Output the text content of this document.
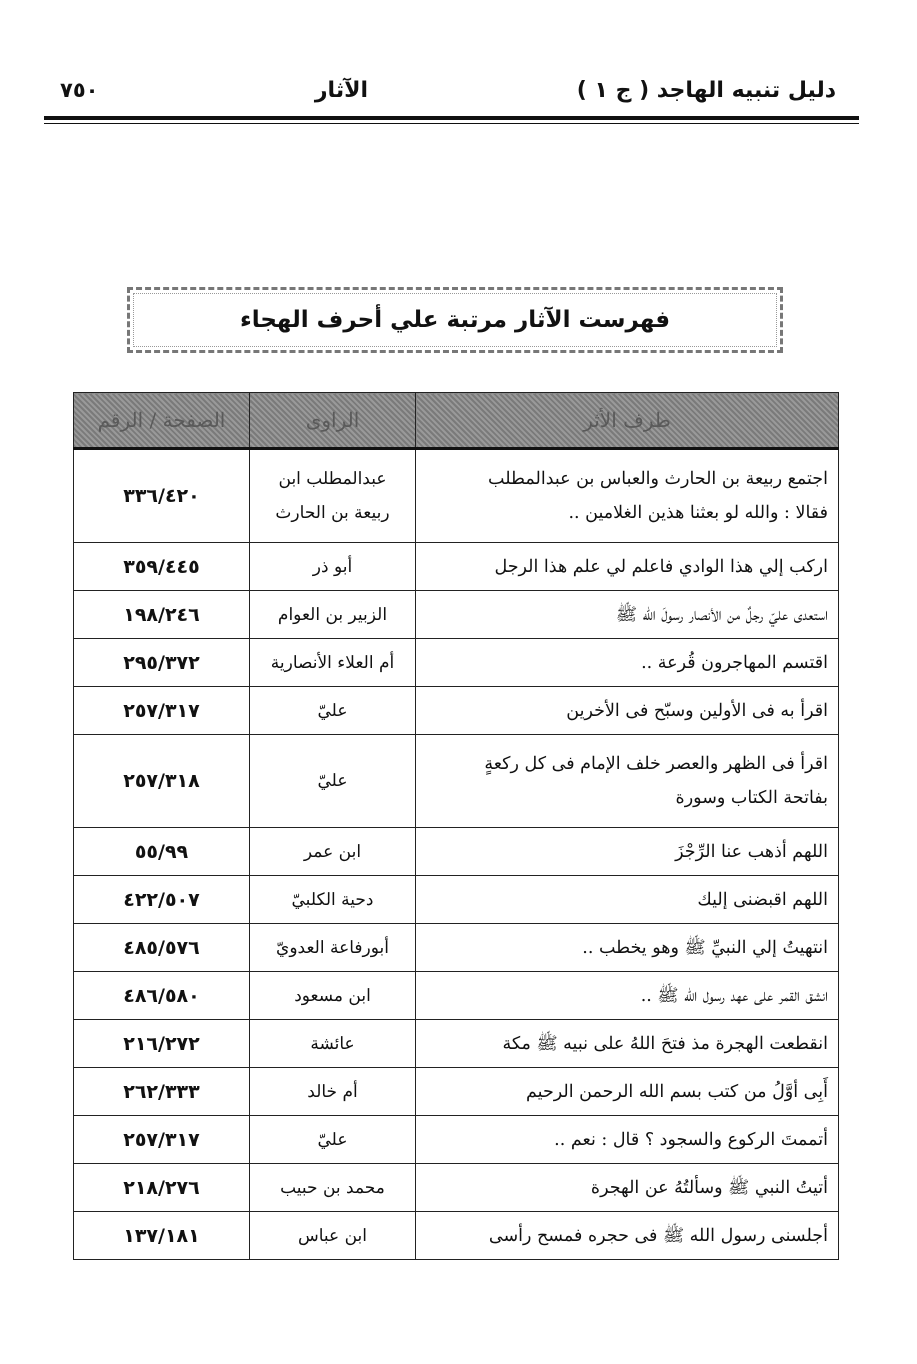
دليل تنبيه الهاجد ( ج ١ )
الآثار
٧٥٠
فهرست الآثار مرتبة علي أحرف الهجاء
طرف الأثر	الراوى	الصفحة / الرقم

اجتمع ربيعة بن الحارث والعباس بن عبدالمطلب
فقالا : والله لو بعثنا هذين الغلامين ..	عبدالمطلب ابن
ربيعة بن الحارث	٣٣٦/٤٢٠

اركب إلي هذا الوادي فاعلم لي علم هذا الرجل	أبو ذر	٣٥٩/٤٤٥

استعدى عليّ رجلٌ من الأنصار رسولَ الله ﷺ	الزبير بن العوام	١٩٨/٢٤٦

اقتسم المهاجرون قُرعة ..	أم العلاء الأنصارية	٢٩٥/٣٧٢

اقرأ به فى الأولين وسبّح فى الأخرين	عليّ	٢٥٧/٣١٧

اقرأ فى الظهر والعصر خلف الإمام فى كل ركعةٍ
بفاتحة الكتاب وسورة	عليّ	٢٥٧/٣١٨

اللهم أذهب عنا الرِّجْزَ	ابن عمر	٥٥/٩٩

اللهم اقبضنى إليك	دحية الكلبيّ	٤٢٢/٥٠٧

انتهيتُ إلي النبيِّ ﷺ وهو يخطب ..	أبورفاعة العدويّ	٤٨٥/٥٧٦

انشق القمر على عهد رسول الله ﷺ ..	ابن مسعود	٤٨٦/٥٨٠

انقطعت الهجرة مذ فتحَ اللهُ على نبيه ﷺ مكة	عائشة	٢١٦/٢٧٢

أَبِى أوَّلُ من كتب بسم الله الرحمن الرحيم	أم خالد	٢٦٢/٣٣٣

أتممتَ الركوع والسجود ؟ قال : نعم ..	عليّ	٢٥٧/٣١٧

أتيتُ النبي ﷺ وسألتُهُ عن الهجرة	محمد بن حبيب	٢١٨/٢٧٦

أجلسنى رسول الله ﷺ فى حجره فمسح رأسى	ابن عباس	١٣٧/١٨١
